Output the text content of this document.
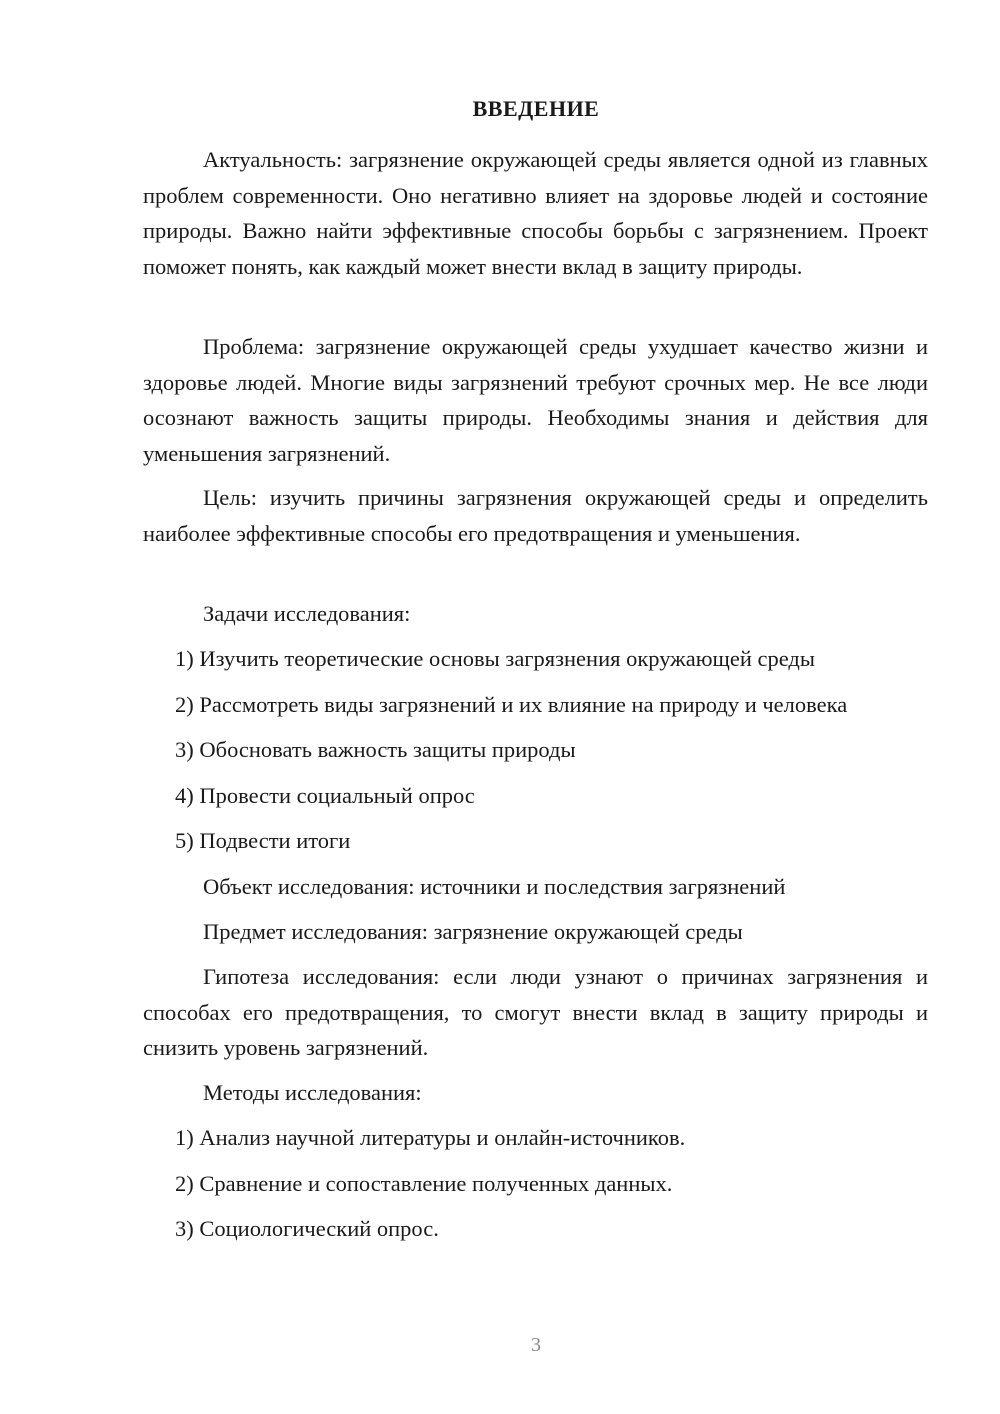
ВВЕДЕНИЕ

Актуальность: загрязнение окружающей среды является одной из главных проблем современности. Оно негативно влияет на здоровье людей и состояние природы. Важно найти эффективные способы борьбы с загрязнением. Проект поможет понять, как каждый может внести вклад в защиту природы.

Проблема: загрязнение окружающей среды ухудшает качество жизни и здоровье людей. Многие виды загрязнений требуют срочных мер. Не все люди осознают важность защиты природы. Необходимы знания и действия для уменьшения загрязнений.

Цель: изучить причины загрязнения окружающей среды и определить наиболее эффективные способы его предотвращения и уменьшения.

Задачи исследования:

1) Изучить теоретические основы загрязнения окружающей среды

2) Рассмотреть виды загрязнений и их влияние на природу и человека

3) Обосновать важность защиты природы

4) Провести социальный опрос

5) Подвести итоги

Объект исследования: источники и последствия загрязнений

Предмет исследования: загрязнение окружающей среды

Гипотеза исследования: если люди узнают о причинах загрязнения и способах его предотвращения, то смогут внести вклад в защиту природы и снизить уровень загрязнений.

Методы исследования:

1) Анализ научной литературы и онлайн-источников.

2) Сравнение и сопоставление полученных данных.

3) Социологический опрос.

3
